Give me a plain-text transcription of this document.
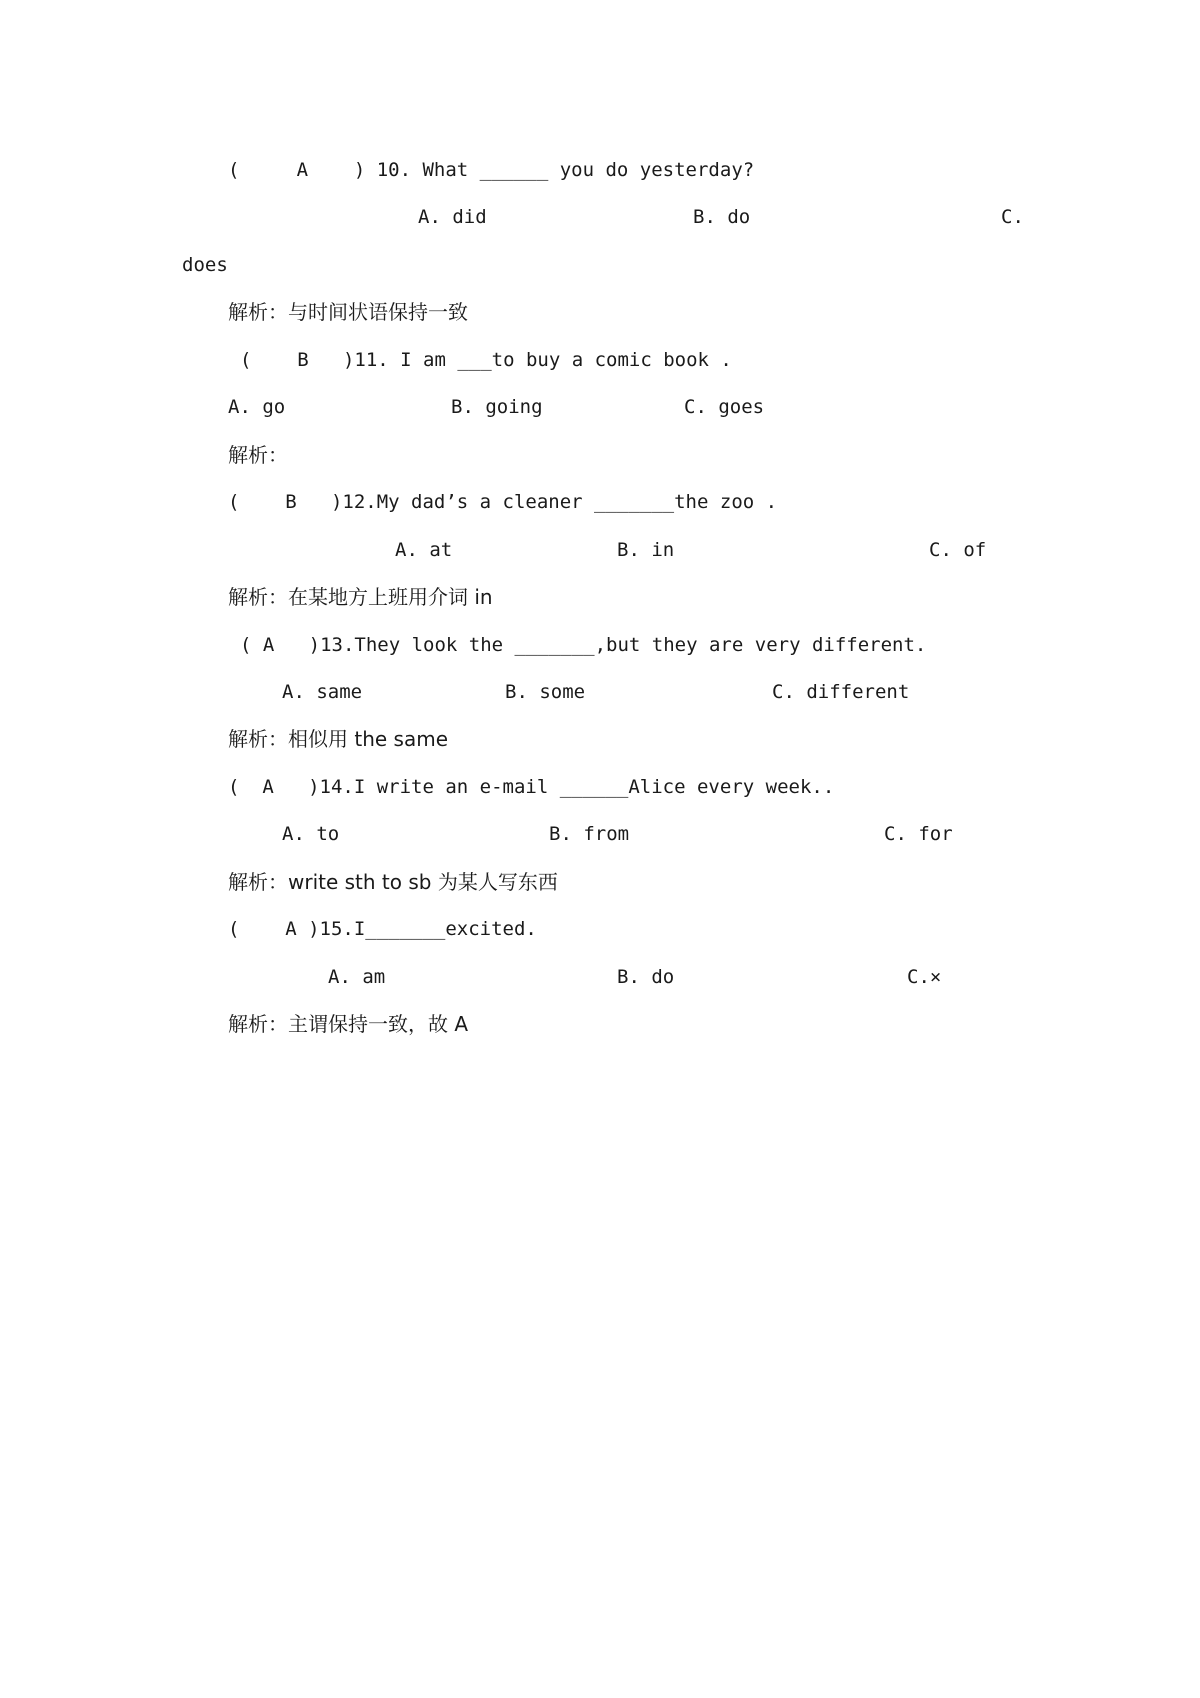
(     A    ) 10. What ______ you do yesterday?
A. did	B. do	C.
does
解析：与时间状语保持一致
(    B   )11. I am ___to buy a comic book .
A. go	B. going	C. goes
解析：
(    B   )12.My dad’s a cleaner _______the zoo .
A. at	B. in	C. of
解析：在某地方上班用介词 in
( A   )13.They look the _______,but they are very different.
A. same	B. some	C. different
解析：相似用 the same
(  A   )14.I write an e-mail ______Alice every week..
A. to	B. from	C. for
解析：write sth to sb 为某人写东西
(    A )15.I_______excited.
A. am	B. do	C.×
解析：主谓保持一致，故 A
